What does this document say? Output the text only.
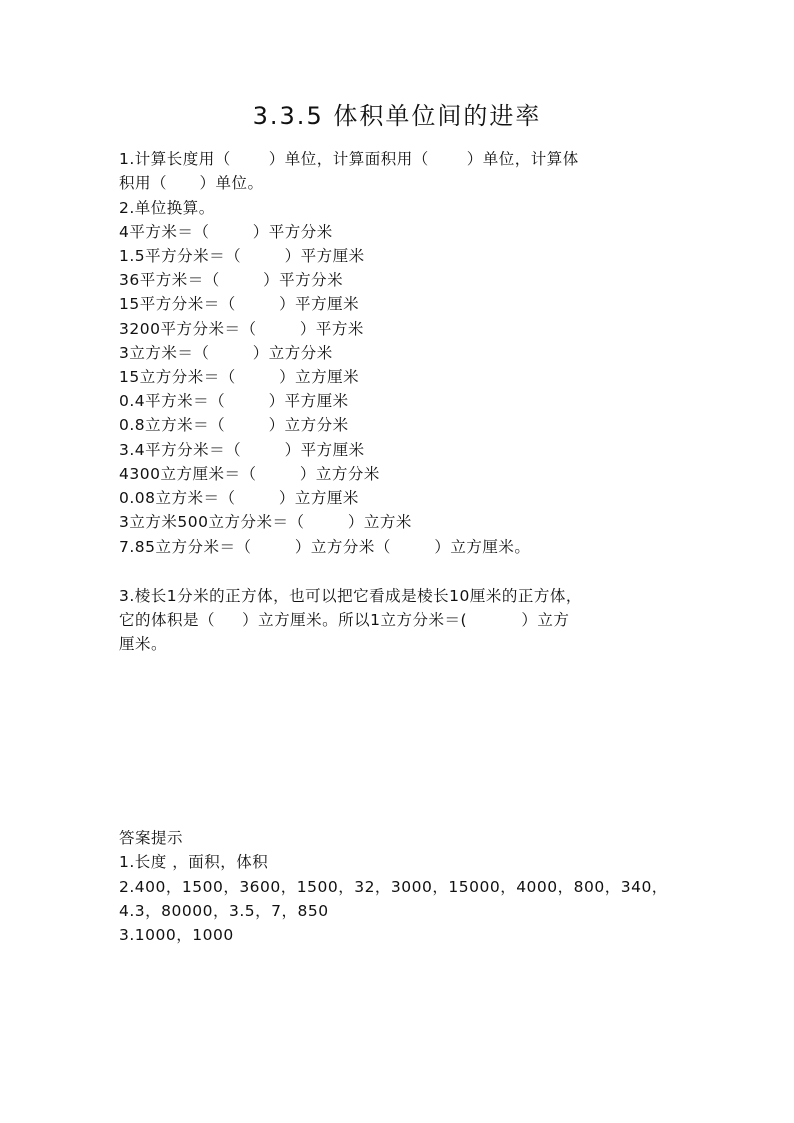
3.3.5 体积单位间的进率
1.计算长度用（       ）单位，计算面积用（       ）单位，计算体
积用（      ）单位。
2.单位换算。
4平方米＝（        ）平方分米
1.5平方分米＝（        ）平方厘米
36平方米＝（        ）平方分米
15平方分米＝（        ）平方厘米
3200平方分米＝（        ）平方米
3立方米＝（        ）立方分米
15立方分米＝（        ）立方厘米
0.4平方米＝（        ）平方厘米
0.8立方米＝（        ）立方分米
3.4平方分米＝（        ）平方厘米
4300立方厘米＝（        ）立方分米
0.08立方米＝（        ）立方厘米
3立方米500立方分米＝（        ）立方米
7.85立方分米＝（        ）立方分米（        ）立方厘米。
3.棱长1分米的正方体，也可以把它看成是棱长10厘米的正方体，
它的体积是（     ）立方厘米。所以1立方分米＝(          ）立方
厘米。
答案提示
1.长度 ，面积，体积
2.400，1500，3600，1500，32，3000，15000，4000，800，340，
4.3，80000，3.5，7，850
3.1000，1000
